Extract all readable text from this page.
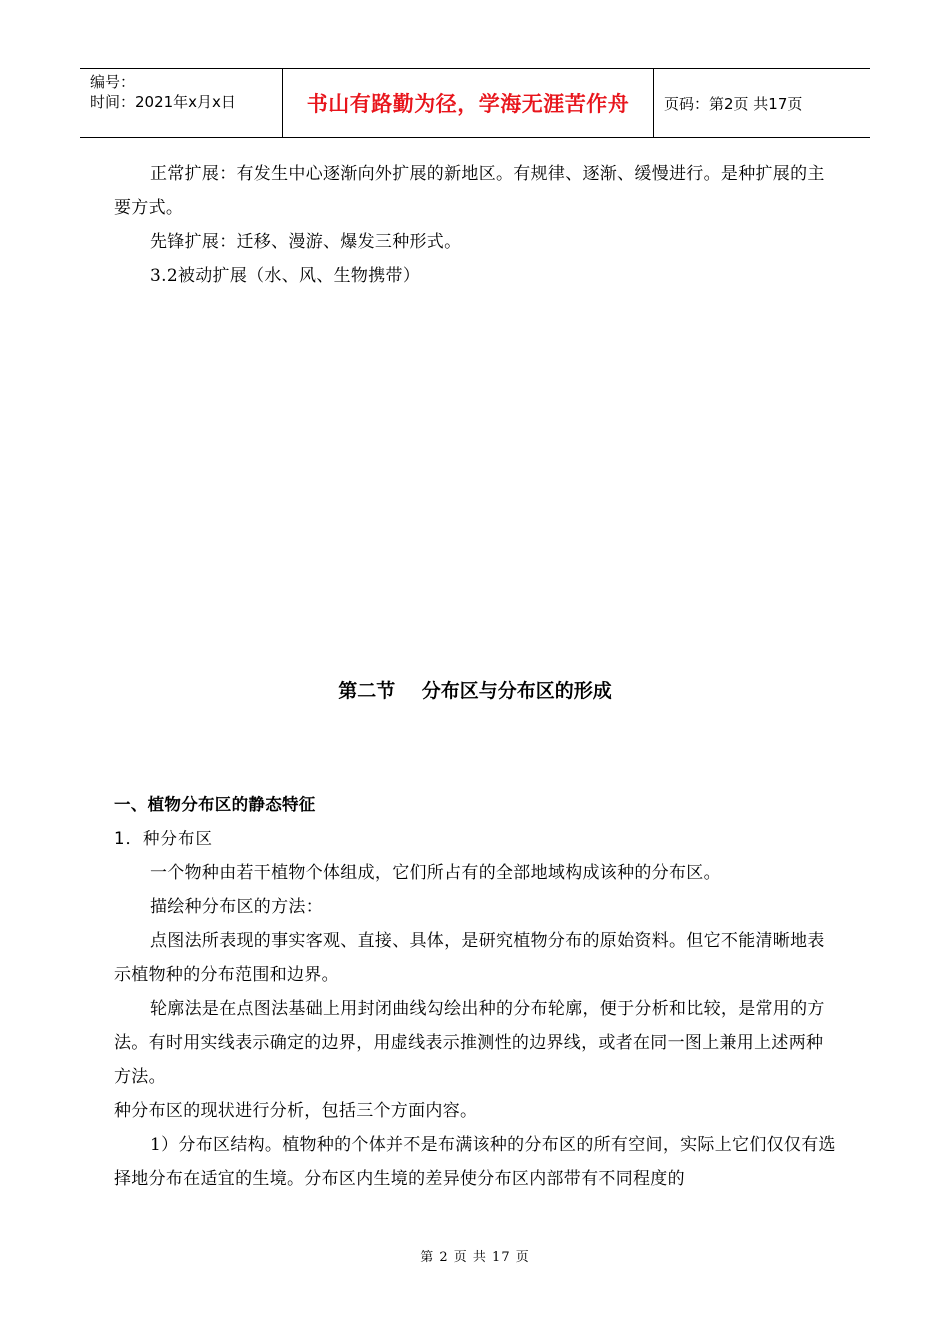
编号：
时间：2021年x月x日	书山有路勤为径，学海无涯苦作舟 页码：第2页 共17页

正常扩展：有发生中心逐渐向外扩展的新地区。有规律、逐渐、缓慢进行。是种扩展的主要方式。

先锋扩展：迁移、漫游、爆发三种形式。

3.2被动扩展（水、风、生物携带）

第二节    分布区与分布区的形成

一、植物分布区的静态特征

1．种分布区

一个物种由若干植物个体组成，它们所占有的全部地域构成该种的分布区。

描绘种分布区的方法：

点图法所表现的事实客观、直接、具体，是研究植物分布的原始资料。但它不能清晰地表示植物种的分布范围和边界。

轮廓法是在点图法基础上用封闭曲线勾绘出种的分布轮廓，便于分析和比较，是常用的方法。有时用实线表示确定的边界，用虚线表示推测性的边界线，或者在同一图上兼用上述两种方法。

种分布区的现状进行分析，包括三个方面内容。

1）分布区结构。植物种的个体并不是布满该种的分布区的所有空间，实际上它们仅仅有选择地分布在适宜的生境。分布区内生境的差异使分布区内部带有不同程度的

第 2 页 共 17 页
